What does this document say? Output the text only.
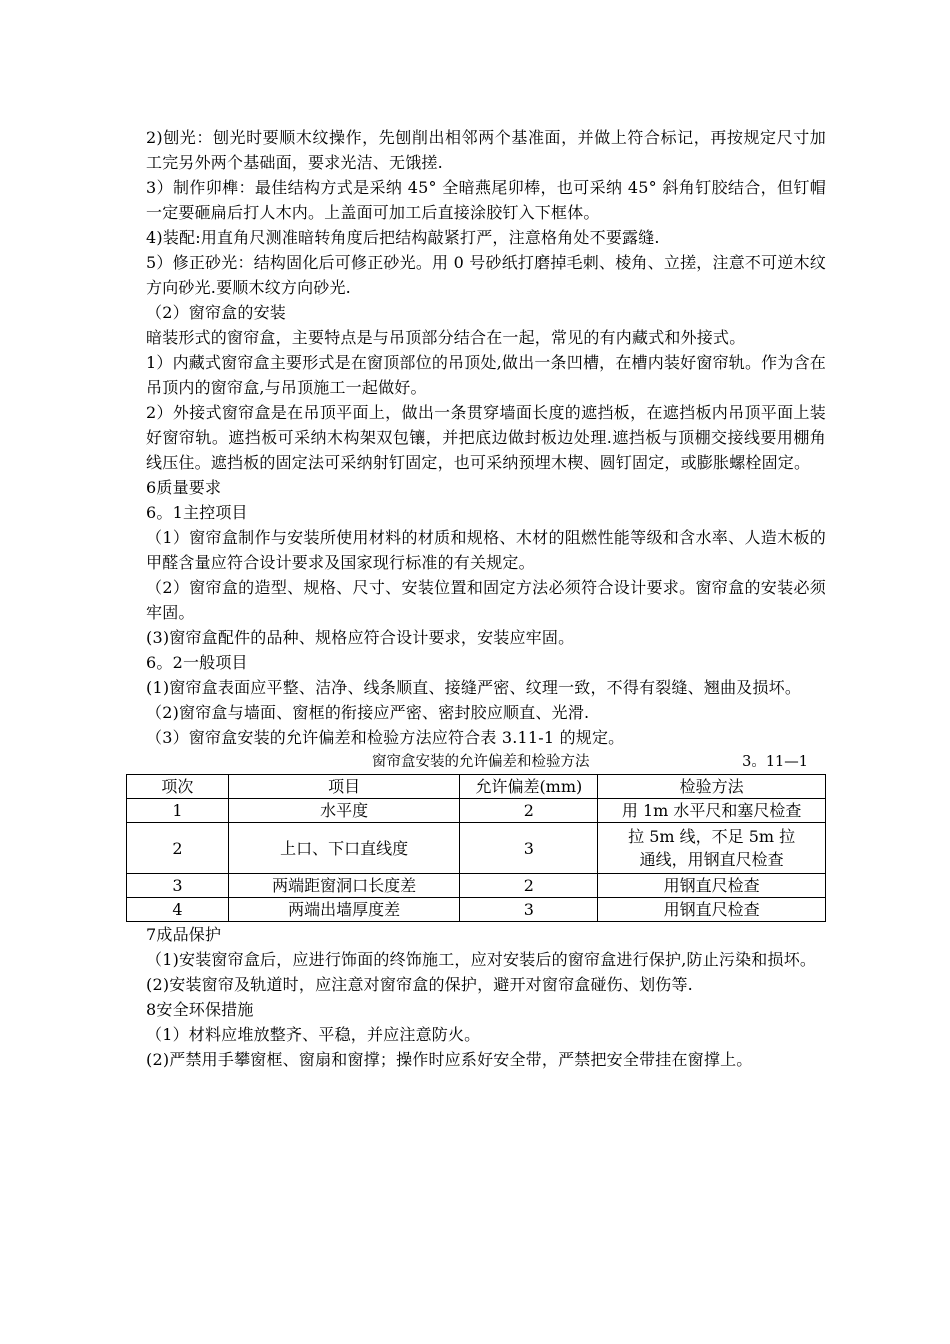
2)刨光：刨光时要顺木纹操作，先刨削出相邻两个基准面，并做上符合标记，再按规定尺寸加工完另外两个基础面，要求光洁、无饿搓.

3）制作卯榫：最佳结构方式是采纳 45° 全暗燕尾卯棒，也可采纳 45° 斜角钉胶结合，但钉帽一定要砸扁后打人木内。上盖面可加工后直接涂胶钉入下框体。

4)装配:用直角尺测准暗转角度后把结构敲紧打严，注意格角处不要露缝.

5）修正砂光：结构固化后可修正砂光。用 0 号砂纸打磨掉毛刺、棱角、立搓，注意不可逆木纹方向砂光.要顺木纹方向砂光.

（2）窗帘盒的安装

暗装形式的窗帘盒，主要特点是与吊顶部分结合在一起，常见的有内藏式和外接式。

1）内藏式窗帘盒主要形式是在窗顶部位的吊顶处,做出一条凹槽，在槽内装好窗帘轨。作为含在吊顶内的窗帘盒,与吊顶施工一起做好。

2）外接式窗帘盒是在吊顶平面上，做出一条贯穿墙面长度的遮挡板，在遮挡板内吊顶平面上装好窗帘轨。遮挡板可采纳木构架双包镶，并把底边做封板边处理.遮挡板与顶棚交接线要用棚角线压住。遮挡板的固定法可采纳射钉固定，也可采纳预埋木楔、圆钉固定，或膨胀螺栓固定。

6质量要求

6。1主控项目

（1）窗帘盒制作与安装所使用材料的材质和规格、木材的阻燃性能等级和含水率、人造木板的甲醛含量应符合设计要求及国家现行标准的有关规定。

（2）窗帘盒的造型、规格、尺寸、安装位置和固定方法必须符合设计要求。窗帘盒的安装必须牢固。

(3)窗帘盒配件的品种、规格应符合设计要求，安装应牢固。

6。2一般项目

(1)窗帘盒表面应平整、洁净、线条顺直、接缝严密、纹理一致，不得有裂缝、翘曲及损坏。

（2)窗帘盒与墙面、窗框的衔接应严密、密封胶应顺直、光滑.

（3）窗帘盒安装的允许偏差和检验方法应符合表 3.11-1 的规定。

窗帘盒安装的允许偏差和检验方法	3。11—1
项次	项目	允许偏差(mm)	检验方法
1	水平度	2	用 1m 水平尺和塞尺检查
2	上口、下口直线度	3	拉 5m 线，不足 5m 拉通线，用钢直尺检查
3	两端距窗洞口长度差	2	用钢直尺检查
4	两端出墙厚度差	3	用钢直尺检查

7成品保护

（1)安装窗帘盒后，应进行饰面的终饰施工，应对安装后的窗帘盒进行保护,防止污染和损坏。

(2)安装窗帘及轨道时，应注意对窗帘盒的保护，避开对窗帘盒碰伤、划伤等.

8安全环保措施

（1）材料应堆放整齐、平稳，并应注意防火。

(2)严禁用手攀窗框、窗扇和窗撑；操作时应系好安全带，严禁把安全带挂在窗撑上。
